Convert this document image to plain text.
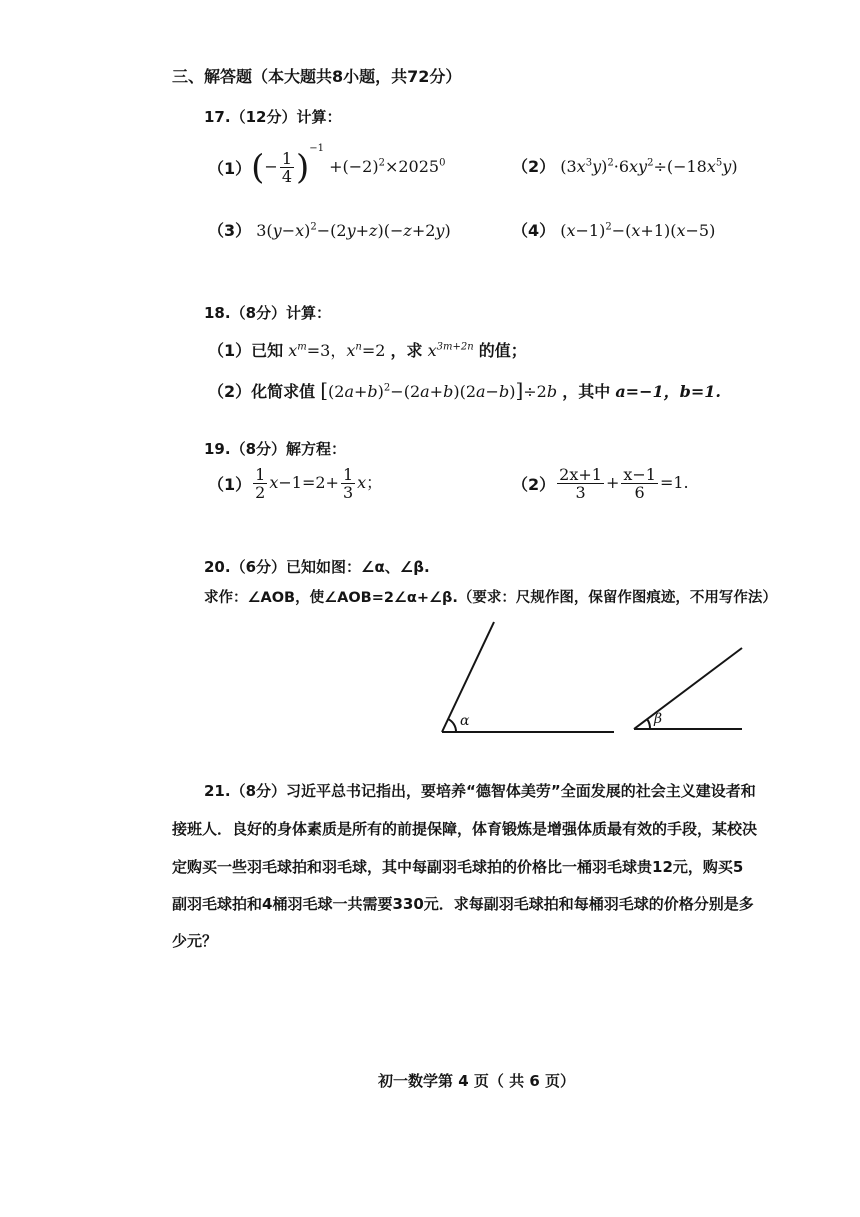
三、解答题（本大题共8小题，共72分）
17.（12分）计算：
（1） (− $\frac{1}{4} )^{-1} +(-2)^2\times 2025^0$	（2） $(3x^3y)^2\cdot 6xy^2\div(-18x^5y)$
（3） $3(y-x)^2-(2y+z)(-z+2y)$	（4） $(x-1)^2-(x+1)(x-5)$
18.（8分）计算：
（1）已知 $x^m=3$，$x^n=2$ ，求 $x^{3m+2n}$ 的值；
（2）化简求值 $[(2a+b)^2-(2a+b)(2a-b)]\div 2b$ ，其中 a=−1，b=1.
19.（8分）解方程：
$(1) \frac{1}{2} x-1=2+ \frac{1}{3}$ x；	$(2) \frac{2x+1}{3} + \frac{x-1}{6} =1$.
20.（6分）已知如图：∠α、∠β.
求作：∠AOB，使∠AOB=2∠α+∠β.（要求：尺规作图，保留作图痕迹，不用写作法）
α	β
21.（8分）习近平总书记指出，要培养“德智体美劳”全面发展的社会主义建设者和
接班人．良好的身体素质是所有的前提保障，体育锻炼是增强体质最有效的手段，某校决
定购买一些羽毛球拍和羽毛球，其中每副羽毛球拍的价格比一桶羽毛球贵12元，购买5
副羽毛球拍和4桶羽毛球一共需要330元．求每副羽毛球拍和每桶羽毛球的价格分别是多
少元？
初一数学第 4 页（ 共 6 页）
